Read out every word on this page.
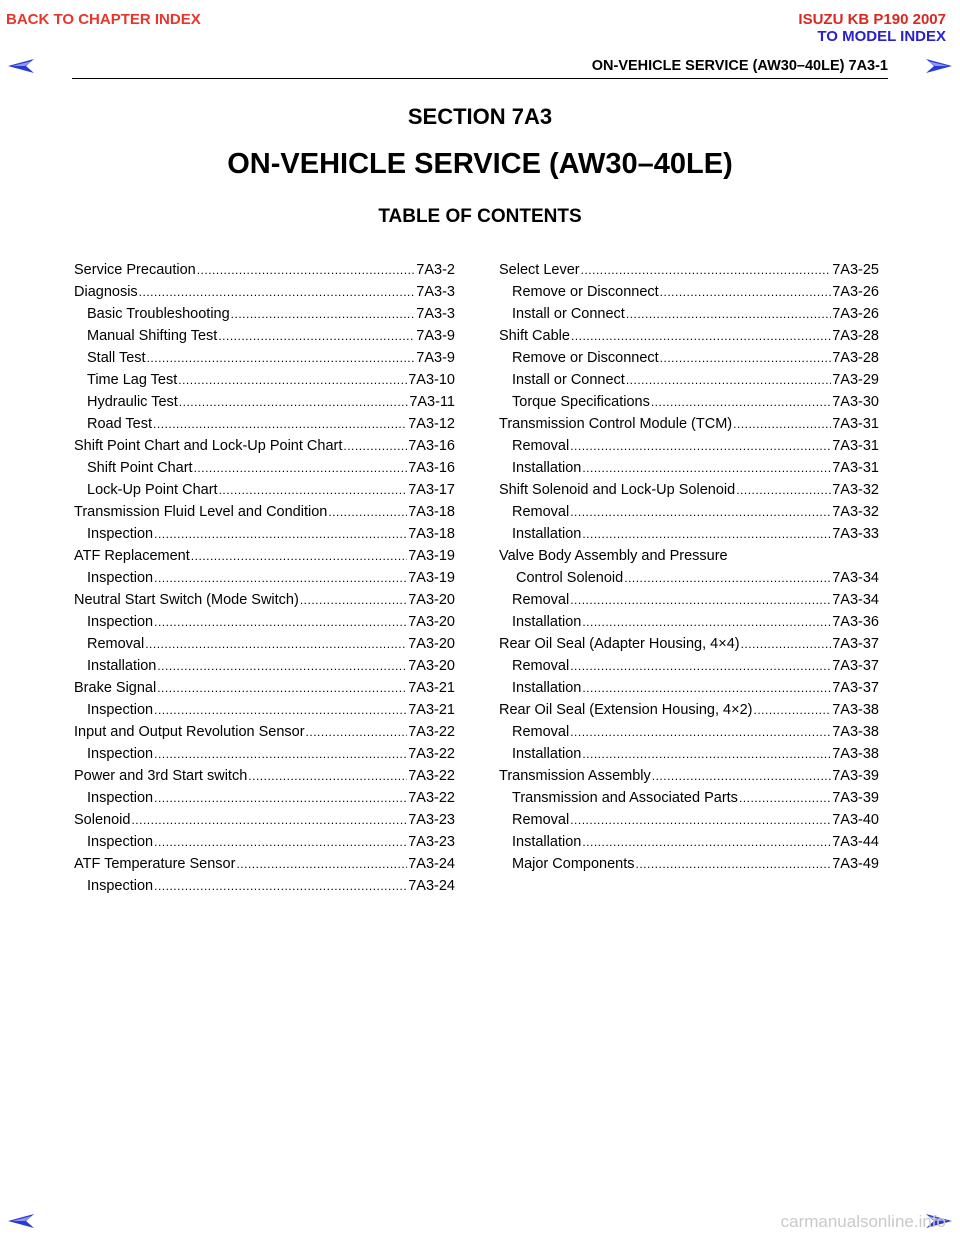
BACK TO CHAPTER INDEX	ISUZU KB P190 2007
TO MODEL INDEX
ON-VEHICLE SERVICE (AW30–40LE) 7A3-1
SECTION 7A3
ON-VEHICLE SERVICE (AW30–40LE)
TABLE OF CONTENTS
Service Precaution .....	7A3-2
Diagnosis .....	7A3-3
Basic Troubleshooting .....	7A3-3
Manual Shifting Test .....	7A3-9
Stall Test .....	7A3-9
Time Lag Test .....	7A3-10
Hydraulic Test .....	7A3-11
Road Test .....	7A3-12
Shift Point Chart and Lock-Up Point Chart .....	7A3-16
Shift Point Chart .....	7A3-16
Lock-Up Point Chart .....	7A3-17
Transmission Fluid Level and Condition .....	7A3-18
Inspection .....	7A3-18
ATF Replacement .....	7A3-19
Inspection .....	7A3-19
Neutral Start Switch (Mode Switch) .....	7A3-20
Inspection .....	7A3-20
Removal .....	7A3-20
Installation .....	7A3-20
Brake Signal .....	7A3-21
Inspection .....	7A3-21
Input and Output Revolution Sensor .....	7A3-22
Inspection .....	7A3-22
Power and 3rd Start switch .....	7A3-22
Inspection .....	7A3-22
Solenoid .....	7A3-23
Inspection .....	7A3-23
ATF Temperature Sensor .....	7A3-24
Inspection .....	7A3-24
Select Lever .....	7A3-25
Remove or Disconnect .....	7A3-26
Install or Connect .....	7A3-26
Shift Cable .....	7A3-28
Remove or Disconnect .....	7A3-28
Install or Connect .....	7A3-29
Torque Specifications .....	7A3-30
Transmission Control Module (TCM) .....	7A3-31
Removal .....	7A3-31
Installation .....	7A3-31
Shift Solenoid and Lock-Up Solenoid .....	7A3-32
Removal .....	7A3-32
Installation .....	7A3-33
Valve Body Assembly and Pressure
Control Solenoid .....	7A3-34
Removal .....	7A3-34
Installation .....	7A3-36
Rear Oil Seal (Adapter Housing, 4×4) .....	7A3-37
Removal .....	7A3-37
Installation .....	7A3-37
Rear Oil Seal (Extension Housing, 4×2) .....	7A3-38
Removal .....	7A3-38
Installation .....	7A3-38
Transmission Assembly .....	7A3-39
Transmission and Associated Parts .....	7A3-39
Removal .....	7A3-40
Installation .....	7A3-44
Major Components .....	7A3-49
carmanualsonline.info
